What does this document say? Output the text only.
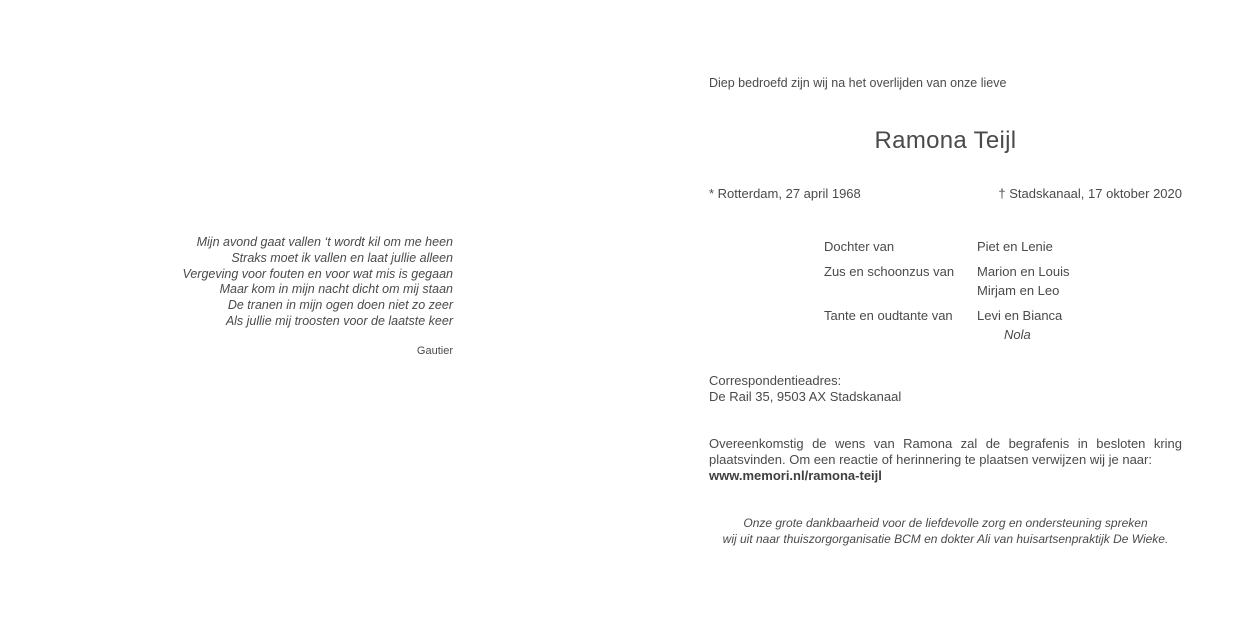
Mijn avond gaat vallen ‘t wordt kil om me heen
Straks moet ik vallen en laat jullie alleen
Vergeving voor fouten en voor wat mis is gegaan
Maar kom in mijn nacht dicht om mij staan
De tranen in mijn ogen doen niet zo zeer
Als jullie mij troosten voor de laatste keer
Gautier
Diep bedroefd zijn wij na het overlijden van onze lieve
Ramona Teijl
* Rotterdam, 27 april 1968	† Stadskanaal, 17 oktober 2020
Dochter van	Piet en Lenie
Zus en schoonzus van	Marion en Louis
Mirjam en Leo
Tante en oudtante van	Levi en Bianca
Nola
Correspondentieadres:
De Rail 35, 9503 AX Stadskanaal
Overeenkomstig de wens van Ramona zal de begrafenis in besloten kring plaatsvinden. Om een reactie of herinnering te plaatsen verwijzen wij je naar:
www.memori.nl/ramona-teijl
Onze grote dankbaarheid voor de liefdevolle zorg en ondersteuning spreken
wij uit naar thuiszorgorganisatie BCM en dokter Ali van huisartsenpraktijk De Wieke.
